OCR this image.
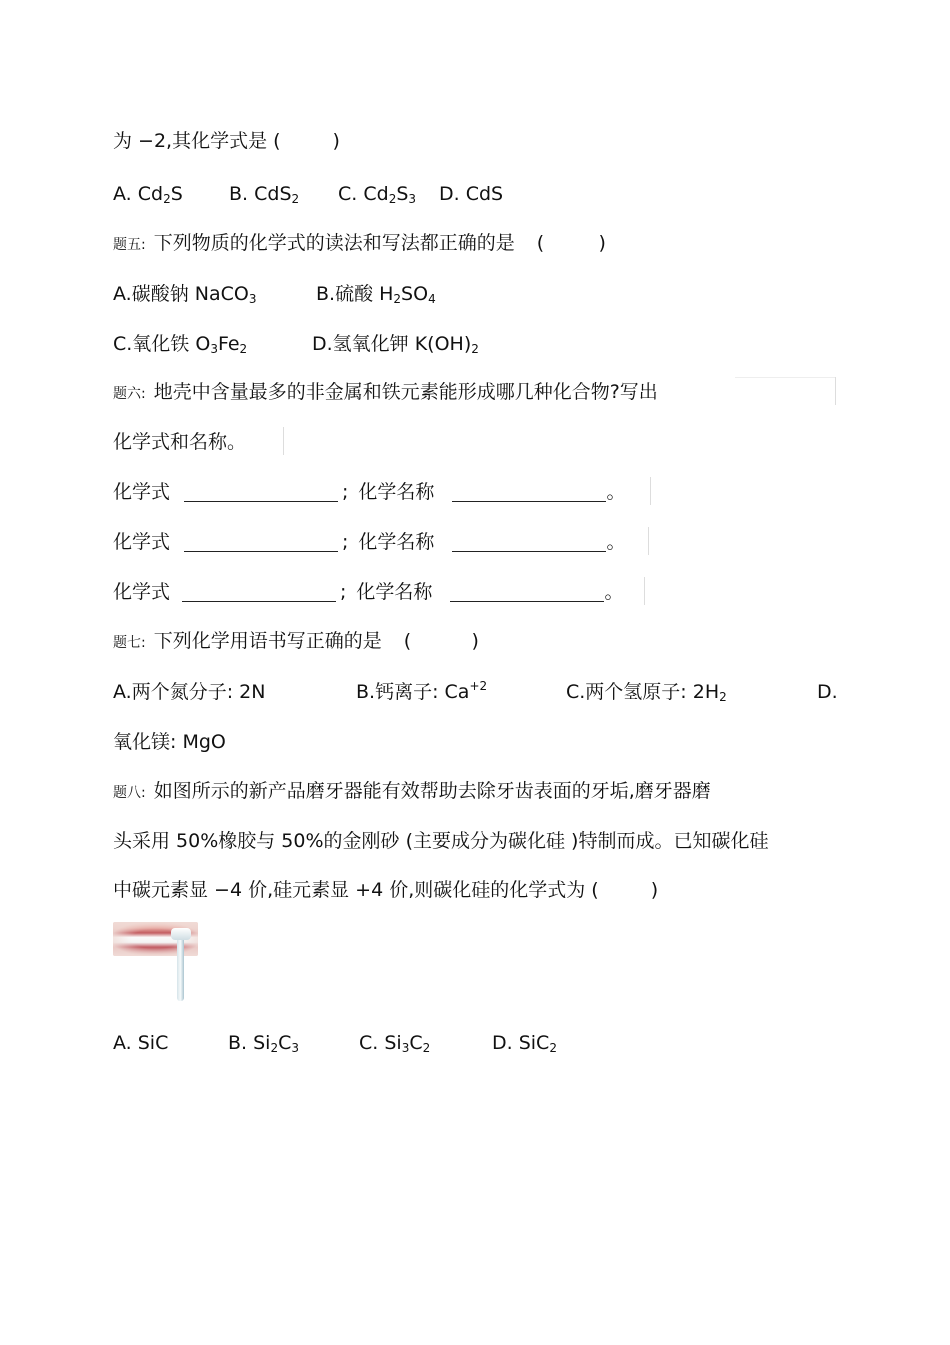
为 −2,其化学式是 (	)
A. $Cd_2S$ B. CdS$_2$ C. $Cd_2S_3$ D. CdS
题五: 下列物质的化学式的读法和写法都正确的是 (         )
A.碳酸钠 NaCO$_3$	B.硫酸 $H_2SO_4$
C.氧化铁 $O_3Fe_2$	D.氢氧化钾 $K(OH)_2$
题六: 地壳中含量最多的非金属和铁元素能形成哪几种化合物?写出
化学式和名称。
化学式	; 化学名称	。
化学式	; 化学名称	。
化学式	; 化学名称	。
题七: 下列化学用语书写正确的是 (          )
A.两个氮分子: 2N	B.钙离子: $Ca^{+2}$	C.两个氢原子: $2H_2$	D.
氧化镁: MgO
题八: 如图所示的新产品磨牙器能有效帮助去除牙齿表面的牙垢,磨牙器磨
头采用 50%橡胶与 50%的金刚砂 (主要成分为碳化硅 )特制而成。已知碳化硅
中碳元素显 −4 价,硅元素显 +4 价,则碳化硅的化学式为 (	)
A. SiC	B. $Si_2C_3$	C. $Si_3C_2$	D. SiC$_2$
